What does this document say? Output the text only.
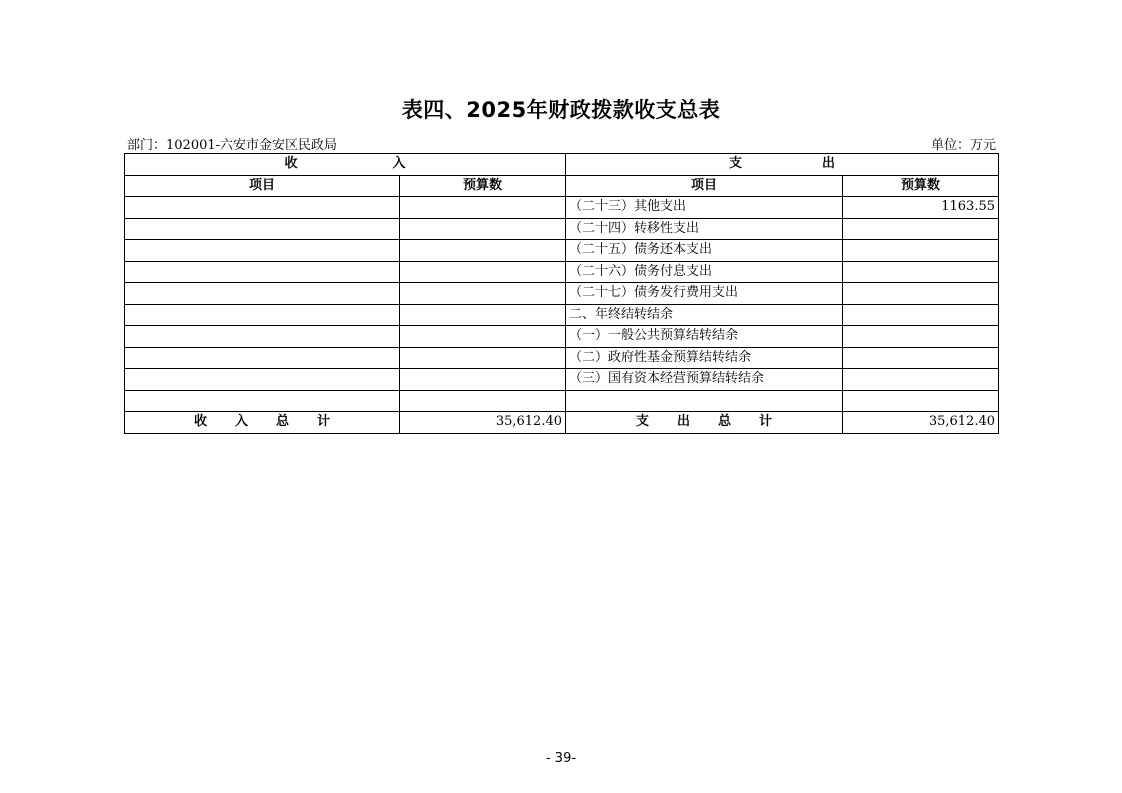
表四、2025年财政拨款收支总表
部门：102001-六安市金安区民政局	单位：万元
收 入		支 出	

项目	预算数	项目	预算数
		（二十三）其他支出	1163.55
		（二十四）转移性支出	
		（二十五）债务还本支出	
		（二十六）债务付息支出	
		（二十七）债务发行费用支出	
		二、年终结转结余	
		（一）一般公共预算结转结余	
		（二）政府性基金预算结转结余	
		（三）国有资本经营预算结转结余	

收 入 总 计	35,612.40	支 出 总 计	35,612.40
- 39-
